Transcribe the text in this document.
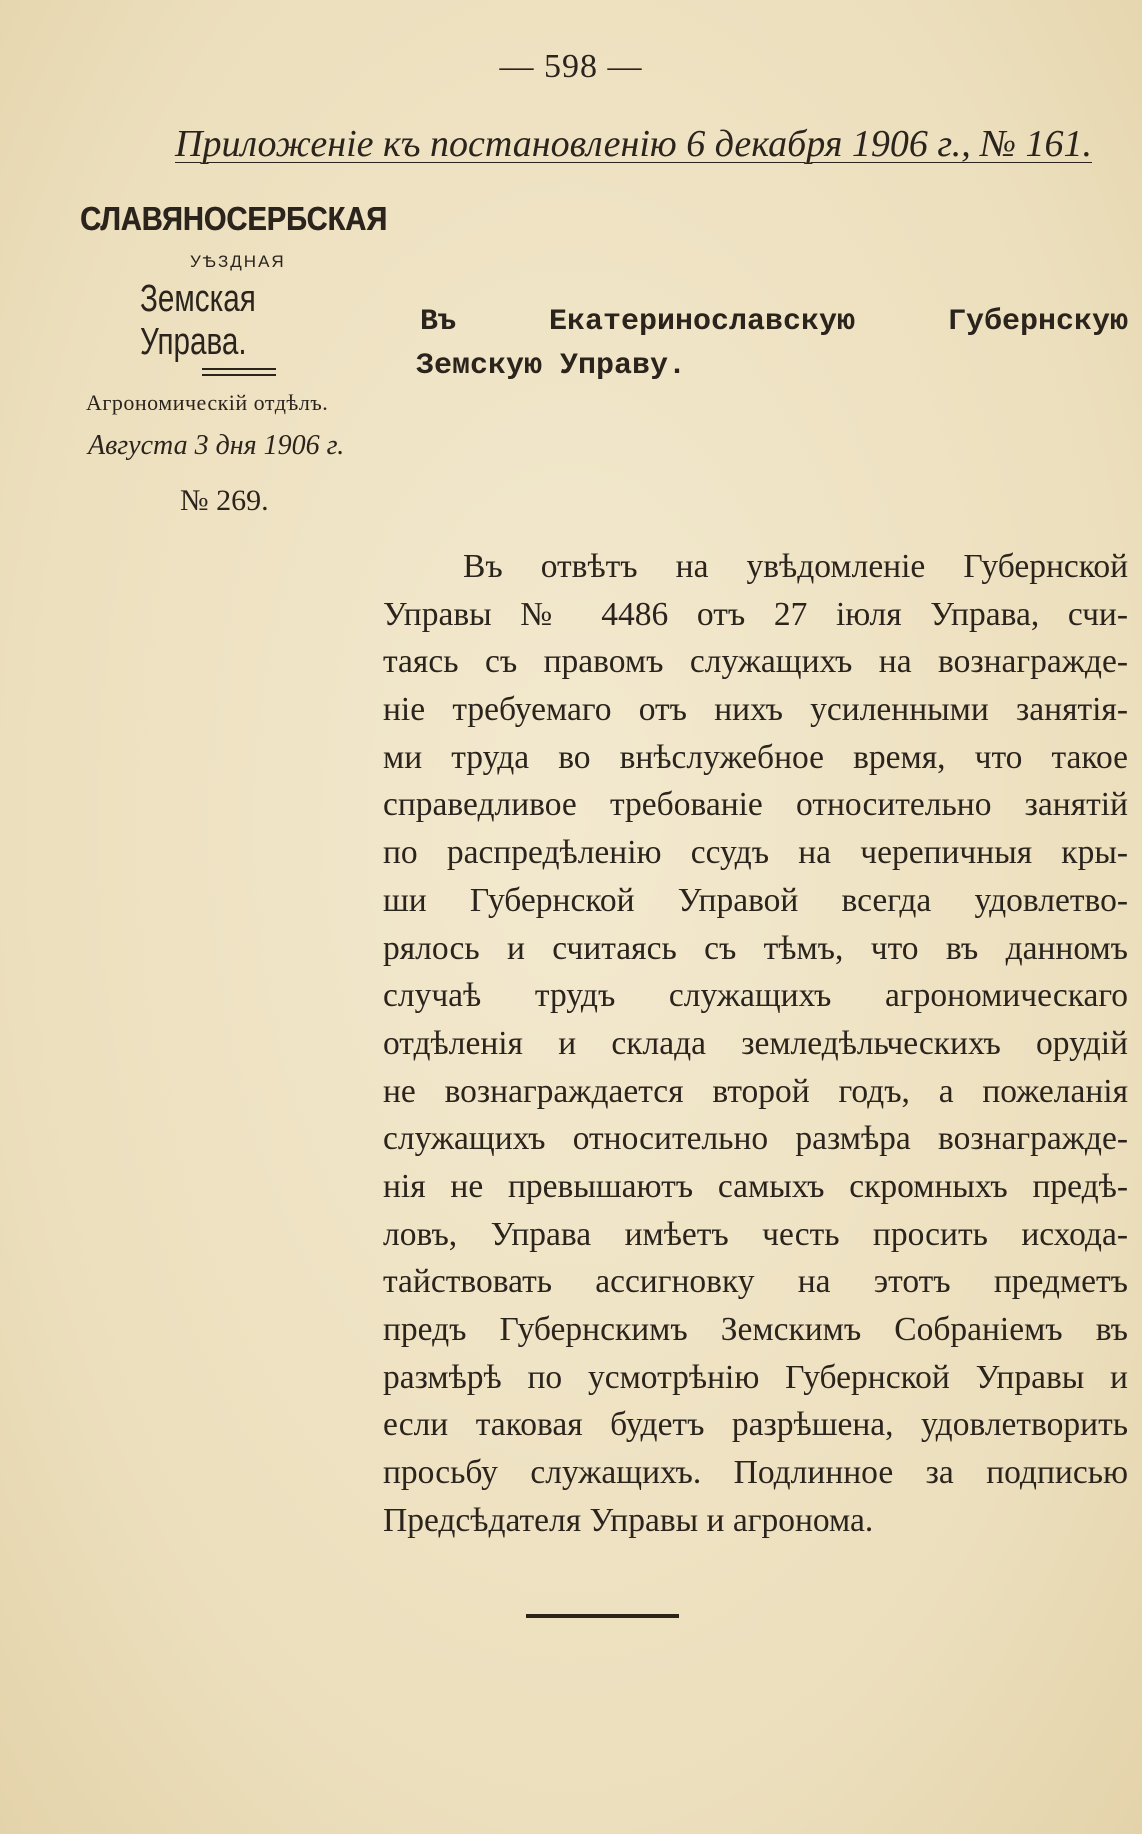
— 598 —
Приложенiе къ постановленiю 6 декабря 1906 г., № 161.
СЛАВЯНОСЕРБСКАЯ
УѢЗДНАЯ
Земская Управа.
Агрономическiй отдѣлъ.
Августа 3 дня 1906 г.
№ 269.
Въ	Екатеринославскую	Губернскую
Земскую Управу.
Въ отвѣтъ на увѣдомленiе Губернской
Управы № 4486 отъ 27 iюля Управа, счи-
таясь съ правомъ служащихъ на вознагражде-
нiе требуемаго отъ нихъ усиленными занятiя-
ми труда во внѣслужебное время, что такое
справедливое требованiе относительно занятiй
по распредѣленiю ссудъ на черепичныя кры-
ши Губернской Управой всегда удовлетво-
рялось и считаясь съ тѣмъ, что въ данномъ
случаѣ трудъ служащихъ агрономическаго
отдѣленiя и склада земледѣльческихъ орудiй
не вознаграждается второй годъ, а пожеланiя
служащихъ относительно размѣра вознагражде-
нiя не превышаютъ самыхъ скромныхъ предѣ-
ловъ, Управа имѣетъ честь просить исхода-
тайствовать ассигновку на этотъ предметъ
предъ Губернскимъ Земскимъ Собранiемъ въ
размѣрѣ по усмотрѣнiю Губернской Управы и
если таковая будетъ разрѣшена, удовлетворить
просьбу служащихъ. Подлинное за подписью
Предсѣдателя Управы и агронома.
